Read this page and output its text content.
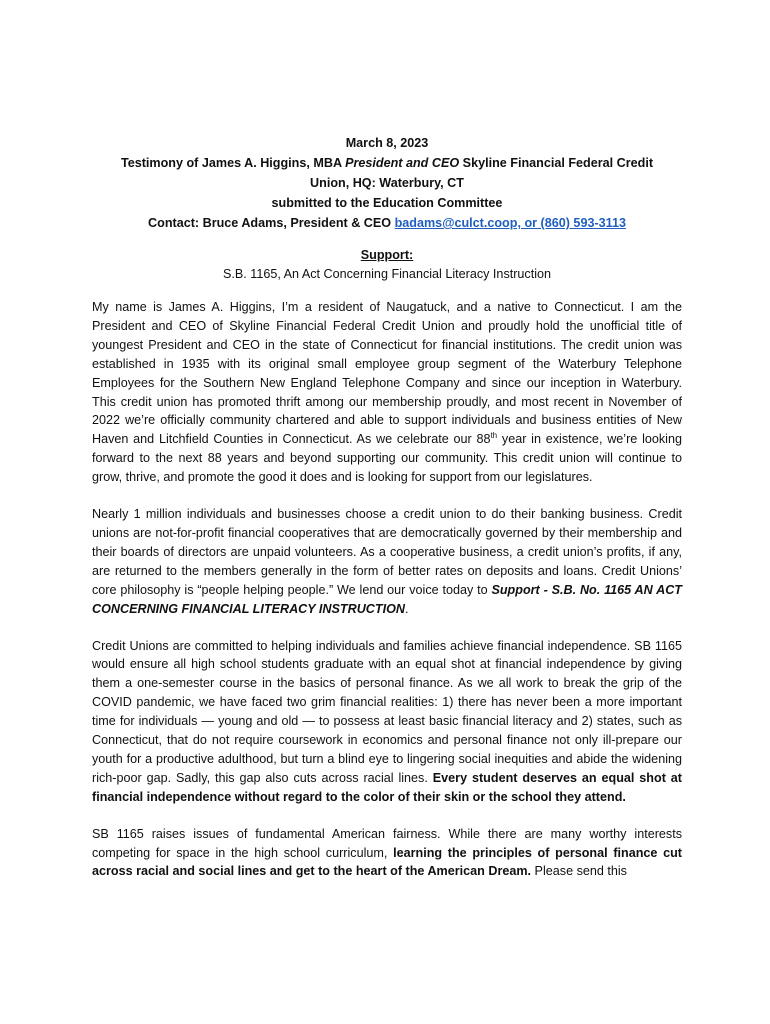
March 8, 2023
Testimony of James A. Higgins, MBA President and CEO Skyline Financial Federal Credit
Union, HQ: Waterbury, CT
submitted to the Education Committee
Contact: Bruce Adams, President & CEO badams@culct.coop, or (860) 593-3113
Support:
S.B. 1165, An Act Concerning Financial Literacy Instruction

My name is James A. Higgins, I’m a resident of Naugatuck, and a native to Connecticut. I am the President and CEO of Skyline Financial Federal Credit Union and proudly hold the unofficial title of youngest President and CEO in the state of Connecticut for financial institutions. The credit union was established in 1935 with its original small employee group segment of the Waterbury Telephone Employees for the Southern New England Telephone Company and since our inception in Waterbury. This credit union has promoted thrift among our membership proudly, and most recent in November of 2022 we’re officially community chartered and able to support individuals and business entities of New Haven and Litchfield Counties in Connecticut. As we celebrate our 88th year in existence, we’re looking forward to the next 88 years and beyond supporting our community. This credit union will continue to grow, thrive, and promote the good it does and is looking for support from our legislatures.

Nearly 1 million individuals and businesses choose a credit union to do their banking business. Credit unions are not-for-profit financial cooperatives that are democratically governed by their membership and their boards of directors are unpaid volunteers. As a cooperative business, a credit union’s profits, if any, are returned to the members generally in the form of better rates on deposits and loans. Credit Unions’ core philosophy is “people helping people.” We lend our voice today to Support - S.B. No. 1165 AN ACT CONCERNING FINANCIAL LITERACY INSTRUCTION.

Credit Unions are committed to helping individuals and families achieve financial independence. SB 1165 would ensure all high school students graduate with an equal shot at financial independence by giving them a one-semester course in the basics of personal finance. As we all work to break the grip of the COVID pandemic, we have faced two grim financial realities: 1) there has never been a more important time for individuals — young and old — to possess at least basic financial literacy and 2) states, such as Connecticut, that do not require coursework in economics and personal finance not only ill-prepare our youth for a productive adulthood, but turn a blind eye to lingering social inequities and abide the widening rich-poor gap. Sadly, this gap also cuts across racial lines. Every student deserves an equal shot at financial independence without regard to the color of their skin or the school they attend.

SB 1165 raises issues of fundamental American fairness. While there are many worthy interests competing for space in the high school curriculum, learning the principles of personal finance cut across racial and social lines and get to the heart of the American Dream. Please send this
